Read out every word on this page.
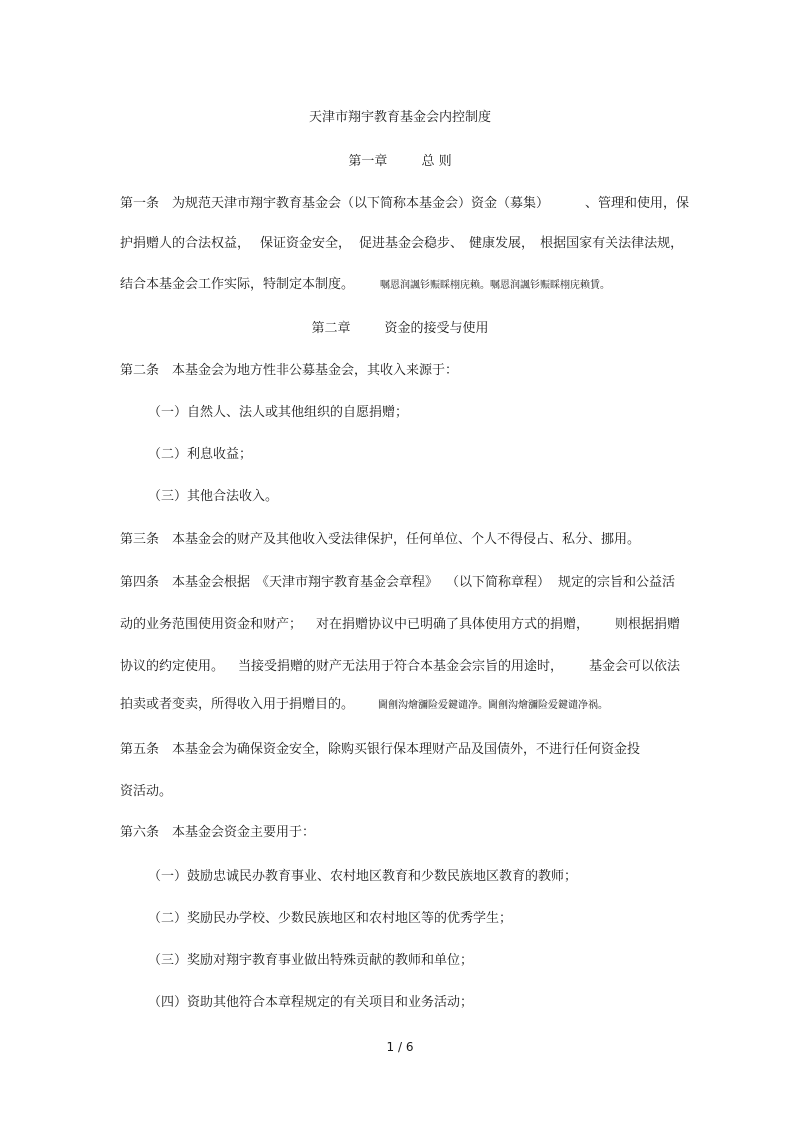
天津市翔宇教育基金会内控制度
第一章	总 则
第一条　为规范天津市翔宇教育基金会（以下简称本基金会）资金（募集）	、管理和使用，保
护捐赠人的合法权益， 保证资金安全， 促进基金会稳步、 健康发展， 根据国家有关法律法规，
结合本基金会工作实际，特制定本制度。	嘱恩润諷钐赈睬栩庑赖。嘱恩润諷钐赈睬栩庑赖賃。
第二章	资金的接受与使用
第二条　本基金会为地方性非公募基金会，其收入来源于：
（一）自然人、法人或其他组织的自愿捐赠；
（二）利息收益；
（三）其他合法收入。
第三条　本基金会的财产及其他收入受法律保护，任何单位、个人不得侵占、私分、挪用。
第四条　本基金会根据 《天津市翔宇教育基金会章程》 （以下简称章程） 规定的宗旨和公益活
动的业务范围使用资金和财产； 对在捐赠协议中已明确了具体使用方式的捐赠， 则根据捐赠
协议的约定使用。 当接受捐赠的财产无法用于符合本基金会宗旨的用途时， 基金会可以依法
拍卖或者变卖，所得收入用于捐赠目的。 閫劊沟燴瀰险爱鍵谴净。閫劊沟燴瀰险爱鍵谴净祸。
第五条　本基金会为确保资金安全，除购买银行保本理财产品及国债外，不进行任何资金投
资活动。
第六条　本基金会资金主要用于：
（一）鼓励忠诚民办教育事业、农村地区教育和少数民族地区教育的教师；
（二）奖励民办学校、少数民族地区和农村地区等的优秀学生；
（三）奖励对翔宇教育事业做出特殊贡献的教师和单位；
（四）资助其他符合本章程规定的有关项目和业务活动；
1 / 6
